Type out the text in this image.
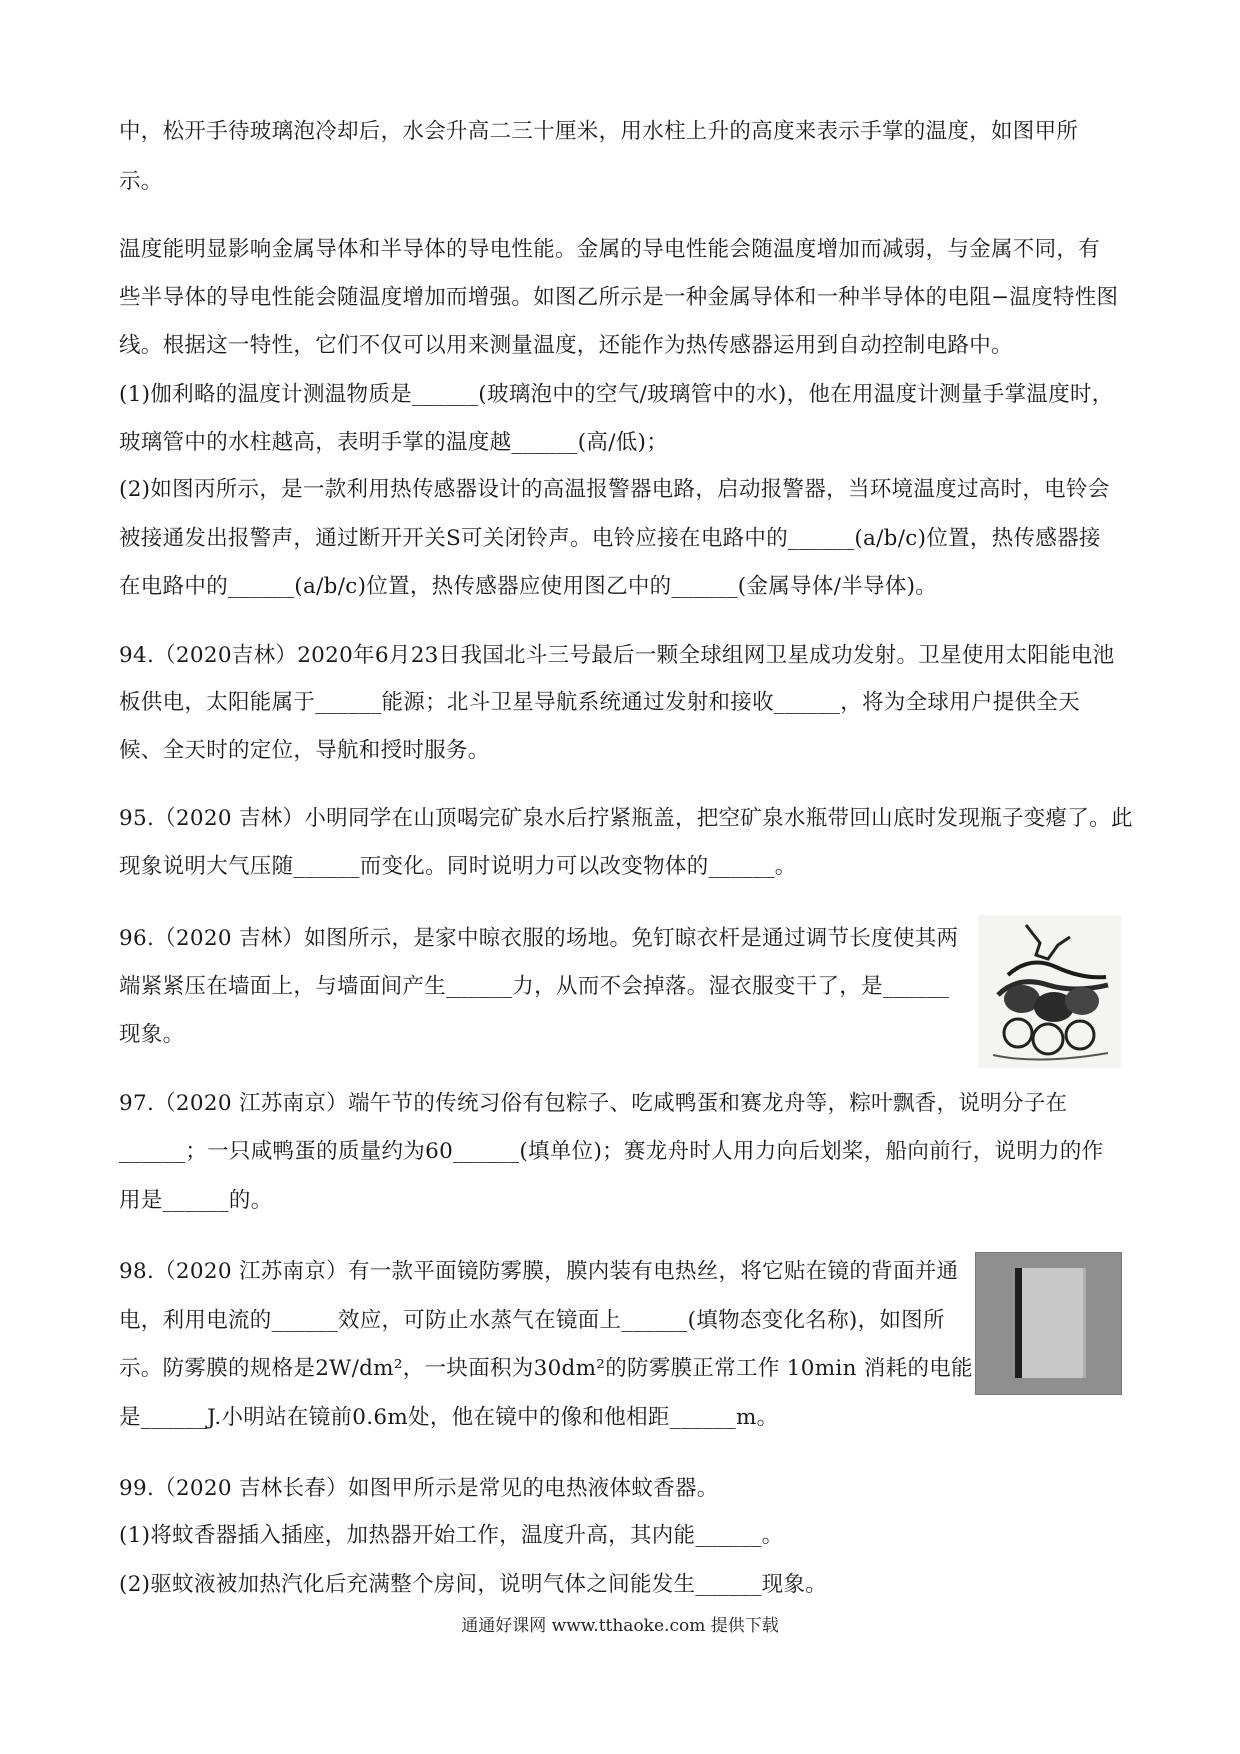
中，松开手待玻璃泡冷却后，水会升高二三十厘米，用水柱上升的高度来表示手掌的温度，如图甲所
示。
温度能明显影响金属导体和半导体的导电性能。金属的导电性能会随温度增加而减弱，与金属不同，有
些半导体的导电性能会随温度增加而增强。如图乙所示是一种金属导体和一种半导体的电阻−温度特性图
线。根据这一特性，它们不仅可以用来测量温度，还能作为热传感器运用到自动控制电路中。
(1)伽利略的温度计测温物质是______(玻璃泡中的空气/玻璃管中的水)，他在用温度计测量手掌温度时，
玻璃管中的水柱越高，表明手掌的温度越______(高/低)；
(2)如图丙所示，是一款利用热传感器设计的高温报警器电路，启动报警器，当环境温度过高时，电铃会
被接通发出报警声，通过断开开关S可关闭铃声。电铃应接在电路中的______(a/b/c)位置，热传感器接
在电路中的______(a/b/c)位置，热传感器应使用图乙中的______(金属导体/半导体)。
94.（2020吉林）2020年6月23日我国北斗三号最后一颗全球组网卫星成功发射。卫星使用太阳能电池
板供电，太阳能属于______能源；北斗卫星导航系统通过发射和接收______，将为全球用户提供全天
候、全天时的定位，导航和授时服务。
95.（2020 吉林）小明同学在山顶喝完矿泉水后拧紧瓶盖，把空矿泉水瓶带回山底时发现瓶子变瘪了。此
现象说明大气压随______而变化。同时说明力可以改变物体的______。
96.（2020 吉林）如图所示，是家中晾衣服的场地。免钉晾衣杆是通过调节长度使其两
端紧紧压在墙面上，与墙面间产生______力，从而不会掉落。湿衣服变干了，是______
现象。
97.（2020 江苏南京）端午节的传统习俗有包粽子、吃咸鸭蛋和赛龙舟等，粽叶飘香，说明分子在
______；一只咸鸭蛋的质量约为60______(填单位)；赛龙舟时人用力向后划桨，船向前行，说明力的作
用是______的。
98.（2020 江苏南京）有一款平面镜防雾膜，膜内装有电热丝，将它贴在镜的背面并通
电，利用电流的______效应，可防止水蒸气在镜面上______(填物态变化名称)，如图所
示。防雾膜的规格是2W/dm²，一块面积为30dm²的防雾膜正常工作 10min 消耗的电能
是______J.小明站在镜前0.6m处，他在镜中的像和他相距______m。
99.（2020 吉林长春）如图甲所示是常见的电热液体蚊香器。
(1)将蚊香器插入插座，加热器开始工作，温度升高，其内能______。
(2)驱蚊液被加热汽化后充满整个房间，说明气体之间能发生______现象。
通通好课网 www.tthaoke.com 提供下载
